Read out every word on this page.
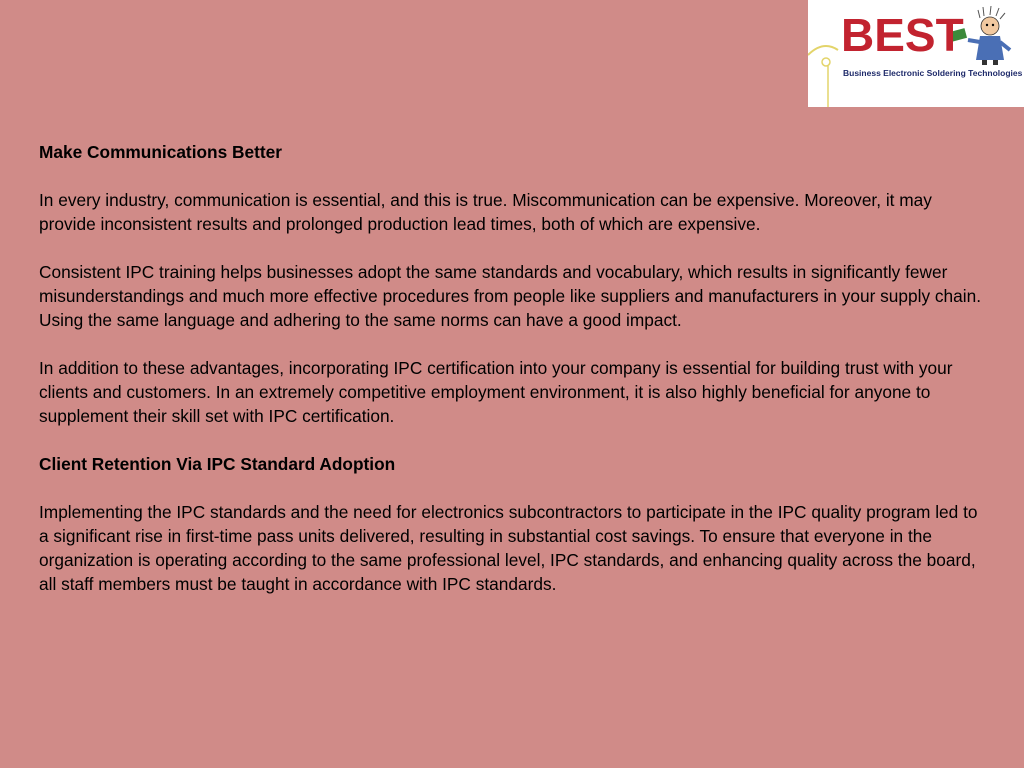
BEST
Business Electronic Soldering Technologies
Make Communications Better

In every industry, communication is essential, and this is true. Miscommunication can be expensive. Moreover, it may provide inconsistent results and prolonged production lead times, both of which are expensive.

Consistent IPC training helps businesses adopt the same standards and vocabulary, which results in significantly fewer misunderstandings and much more effective procedures from people like suppliers and manufacturers in your supply chain. Using the same language and adhering to the same norms can have a good impact.

In addition to these advantages, incorporating IPC certification into your company is essential for building trust with your clients and customers. In an extremely competitive employment environment, it is also highly beneficial for anyone to supplement their skill set with IPC certification.

Client Retention Via IPC Standard Adoption

Implementing the IPC standards and the need for electronics subcontractors to participate in the IPC quality program led to a significant rise in first-time pass units delivered, resulting in substantial cost savings. To ensure that everyone in the organization is operating according to the same professional level, IPC standards, and enhancing quality across the board, all staff members must be taught in accordance with IPC standards.
